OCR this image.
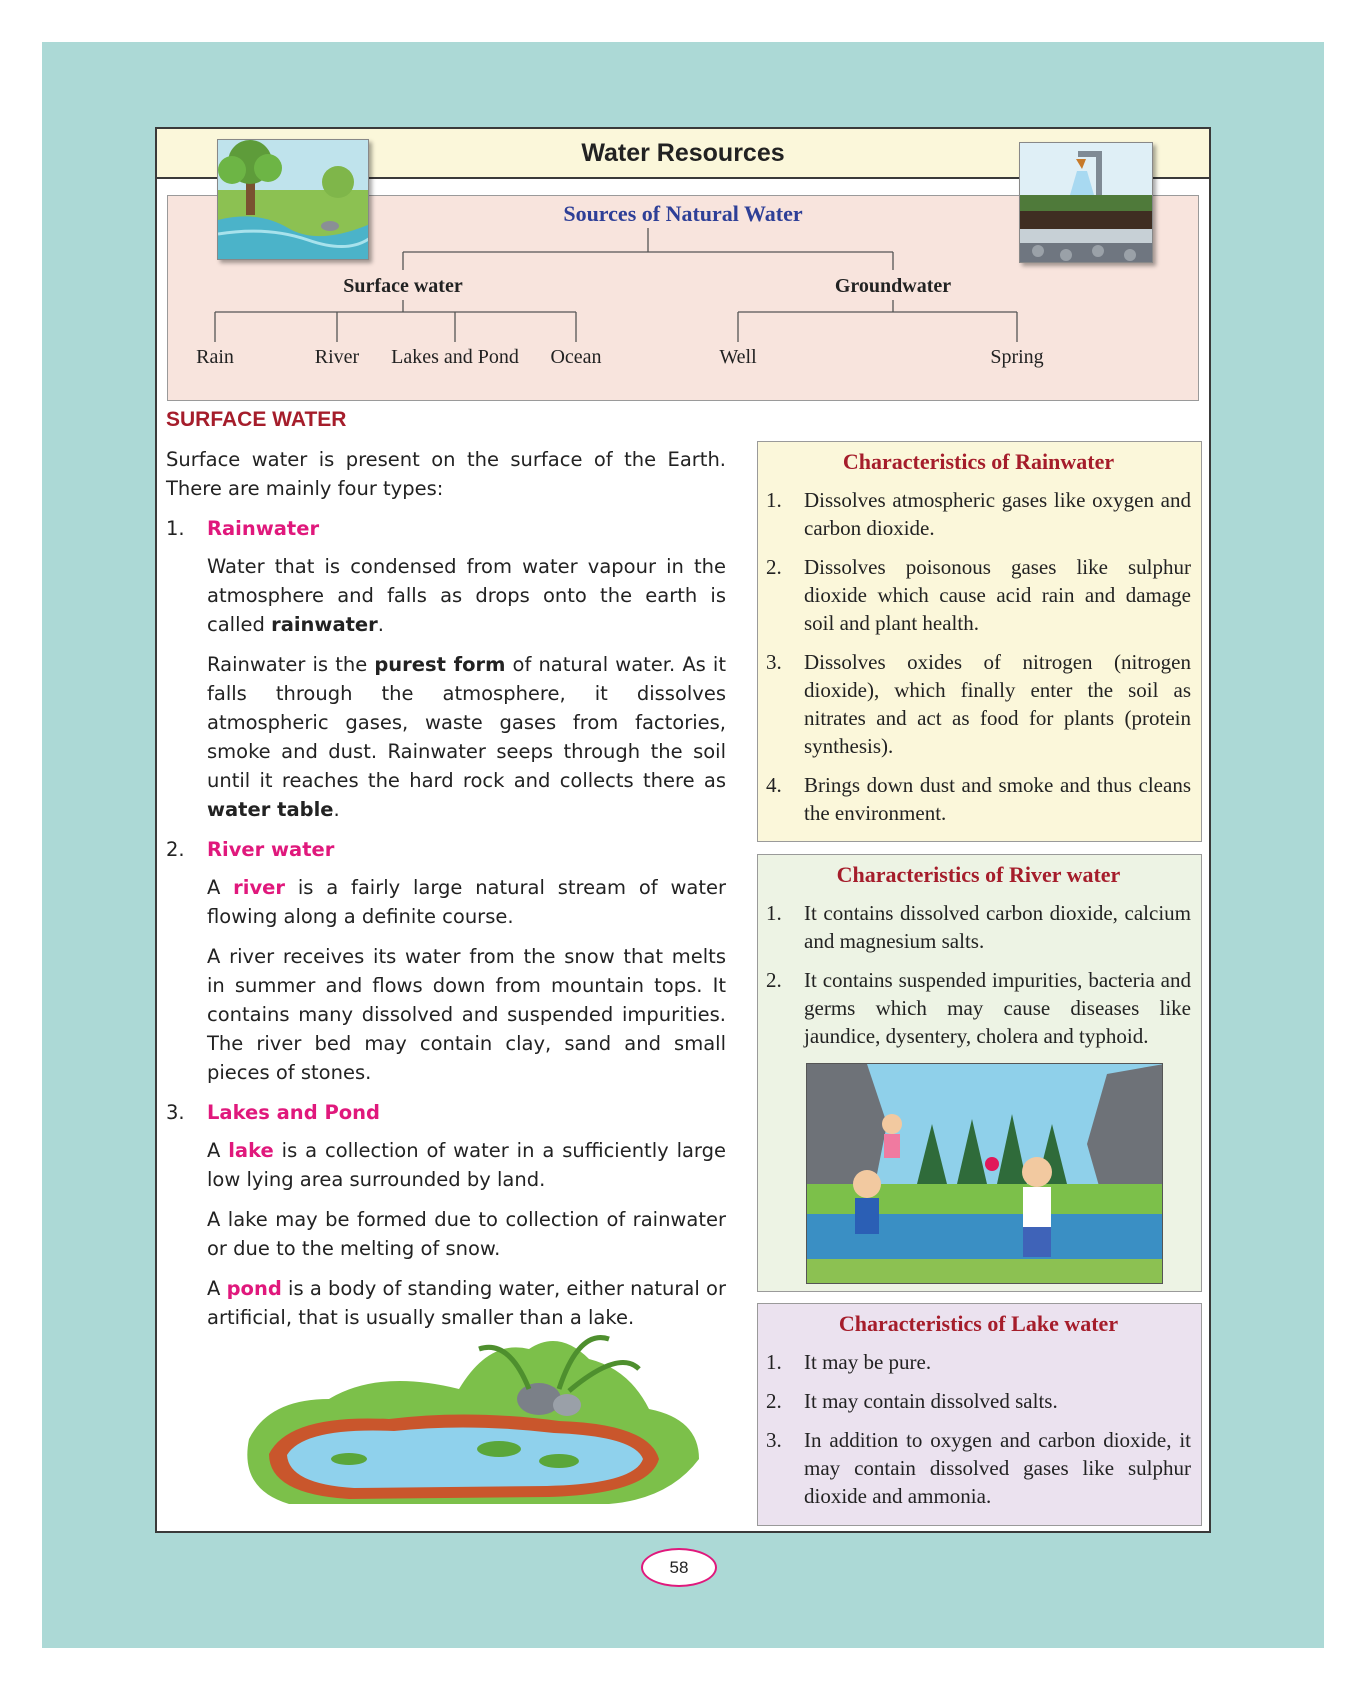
Water Resources
Sources of Natural Water
Surface water	Groundwater
Rain	River Lakes and Pond Ocean	Well	Spring
SURFACE WATER

Surface water is present on the surface of the Earth. There are mainly four types:

1. Rainwater

Water that is condensed from water vapour in the atmosphere and falls as drops onto the earth is called rainwater.

Rainwater is the purest form of natural water. As it falls through the atmosphere, it dissolves atmospheric gases, waste gases from factories, smoke and dust. Rainwater seeps through the soil until it reaches the hard rock and collects there as water table.

2. River water

A river is a fairly large natural stream of water flowing along a definite course.

A river receives its water from the snow that melts in summer and flows down from mountain tops. It contains many dissolved and suspended impurities. The river bed may contain clay, sand and small pieces of stones.

3. Lakes and Pond

A lake is a collection of water in a sufficiently large low lying area surrounded by land.

A lake may be formed due to collection of rainwater or due to the melting of snow.

A pond is a body of standing water, either natural or artificial, that is usually smaller than a lake.

Characteristics of Rainwater
1.	Dissolves atmospheric gases like oxygen and carbon dioxide.
2.	Dissolves poisonous gases like sulphur dioxide which cause acid rain and damage soil and plant health.
3.	Dissolves oxides of nitrogen (nitrogen dioxide), which finally enter the soil as nitrates and act as food for plants (protein synthesis).
4.	Brings down dust and smoke and thus cleans the environment.
Characteristics of River water
1.	It contains dissolved carbon dioxide, calcium and magnesium salts.
2.	It contains suspended impurities, bacteria and germs which may cause diseases like jaundice, dysentery, cholera and typhoid.
Characteristics of Lake water
1.	It may be pure.
2.	It may contain dissolved salts.
3.	In addition to oxygen and carbon dioxide, it may contain dissolved gases like sulphur dioxide and ammonia.
58
